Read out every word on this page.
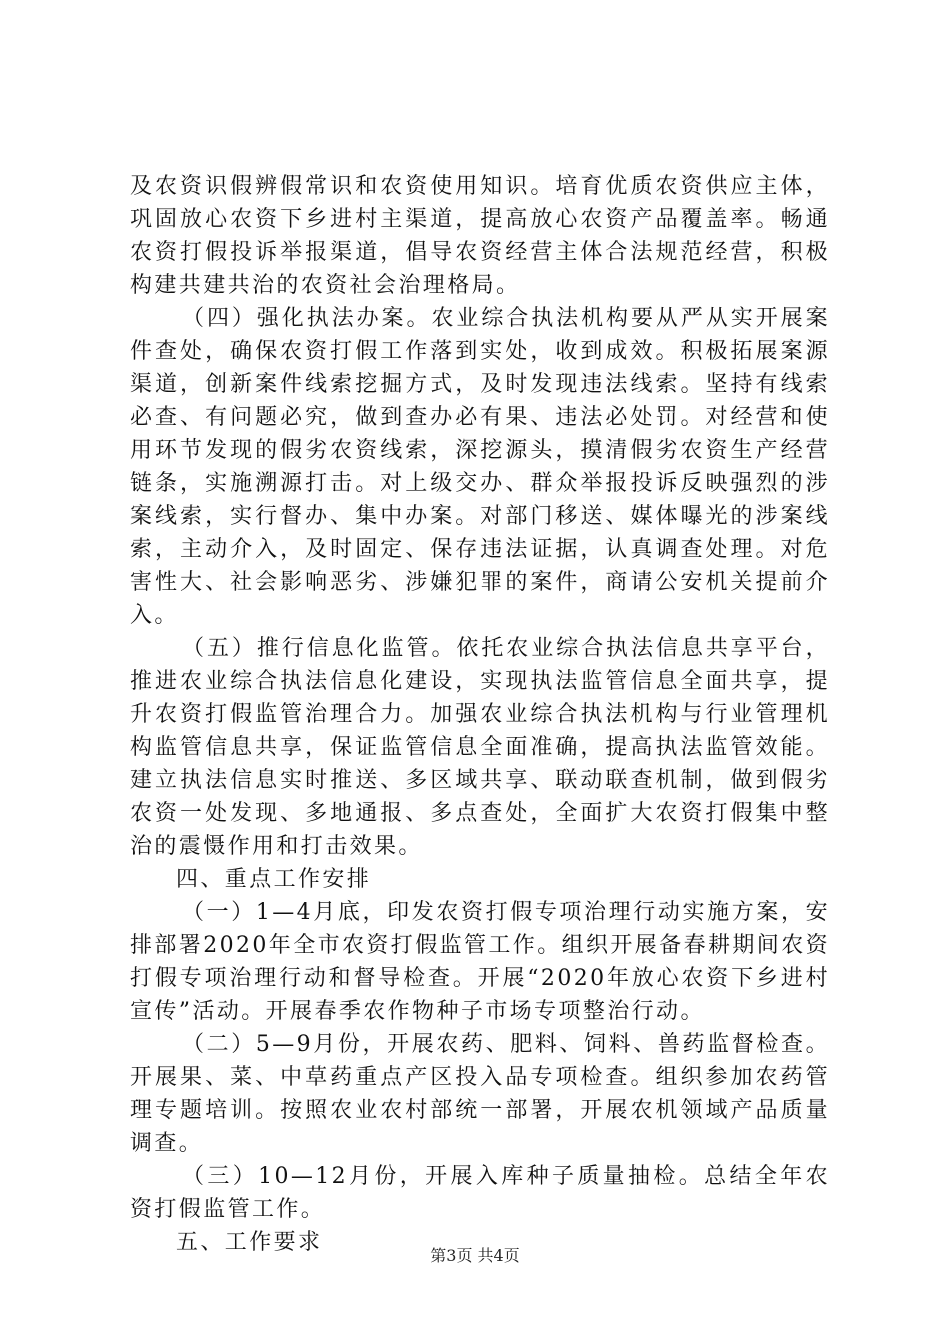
及农资识假辨假常识和农资使用知识。培育优质农资供应主体，巩固放心农资下乡进村主渠道，提高放心农资产品覆盖率。畅通农资打假投诉举报渠道，倡导农资经营主体合法规范经营，积极构建共建共治的农资社会治理格局。

（四）强化执法办案。农业综合执法机构要从严从实开展案件查处，确保农资打假工作落到实处，收到成效。积极拓展案源渠道，创新案件线索挖掘方式，及时发现违法线索。坚持有线索必查、有问题必究，做到查办必有果、违法必处罚。对经营和使用环节发现的假劣农资线索，深挖源头，摸清假劣农资生产经营链条，实施溯源打击。对上级交办、群众举报投诉反映强烈的涉案线索，实行督办、集中办案。对部门移送、媒体曝光的涉案线索，主动介入，及时固定、保存违法证据，认真调查处理。对危害性大、社会影响恶劣、涉嫌犯罪的案件，商请公安机关提前介入。

（五）推行信息化监管。依托农业综合执法信息共享平台，推进农业综合执法信息化建设，实现执法监管信息全面共享，提升农资打假监管治理合力。加强农业综合执法机构与行业管理机构监管信息共享，保证监管信息全面准确，提高执法监管效能。建立执法信息实时推送、多区域共享、联动联查机制，做到假劣农资一处发现、多地通报、多点查处，全面扩大农资打假集中整治的震慑作用和打击效果。

四、重点工作安排

（一）1—4月底，印发农资打假专项治理行动实施方案，安排部署2020年全市农资打假监管工作。组织开展备春耕期间农资打假专项治理行动和督导检查。开展“2020年放心农资下乡进村宣传”活动。开展春季农作物种子市场专项整治行动。

（二）5—9月份，开展农药、肥料、饲料、兽药监督检查。开展果、菜、中草药重点产区投入品专项检查。组织参加农药管理专题培训。按照农业农村部统一部署，开展农机领域产品质量调查。

（三）10—12月份，开展入库种子质量抽检。总结全年农资打假监管工作。

五、工作要求

第3页 共4页
